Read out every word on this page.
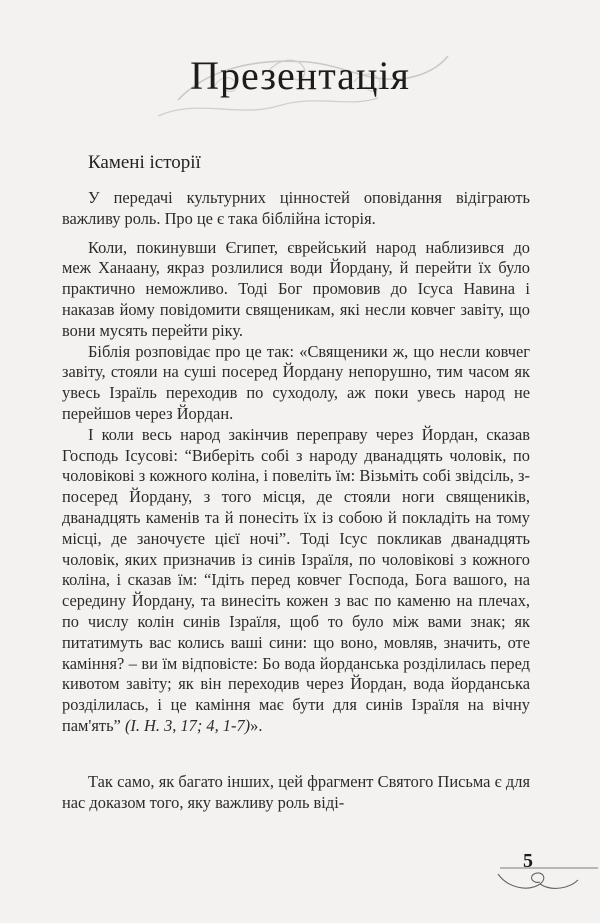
Презентація
Камені історії

У передачі культурних цінностей оповідання відіграють важливу роль. Про це є така біблійна історія.

Коли, покинувши Єгипет, єврейський народ наблизився до меж Ханаану, якраз розлилися води Йордану, й перейти їх було практично неможливо. Тоді Бог промовив до Ісуса Навина і наказав йому повідомити священикам, які несли ковчег завіту, що вони мусять перейти ріку.

Біблія розповідає про це так: «Священики ж, що несли ковчег завіту, стояли на суші посеред Йордану непорушно, тим часом як увесь Ізраїль переходив по суходолу, аж поки увесь народ не перейшов через Йордан.

І коли весь народ закінчив переправу через Йордан, сказав Господь Ісусові: “Виберіть собі з народу дванадцять чоловік, по чоловікові з кожного коліна, і повеліть їм: Візьміть собі звідсіль, з-посеред Йордану, з того місця, де стояли ноги священиків, дванадцять каменів та й понесіть їх із собою й покладіть на тому місці, де заночуєте цієї ночі”. Тоді Ісус покликав дванадцять чоловік, яких призначив із синів Ізраїля, по чоловікові з кожного коліна, і сказав їм: “Ідіть перед ковчег Господа, Бога вашого, на середину Йордану, та винесіть кожен з вас по каменю на плечах, по числу колін синів Ізраїля, щоб то було між вами знак; як питатимуть вас колись ваші сини: що воно, мовляв, значить, оте каміння? – ви їм відповісте: Бо вода йорданська розділилась перед кивотом завіту; як він переходив через Йордан, вода йорданська розділилась, і це каміння має бути для синів Ізраїля на вічну пам'ять” (І. Н. 3, 17; 4, 1-7)».

Так само, як багато інших, цей фрагмент Святого Письма є для нас доказом того, яку важливу роль віді-

5
